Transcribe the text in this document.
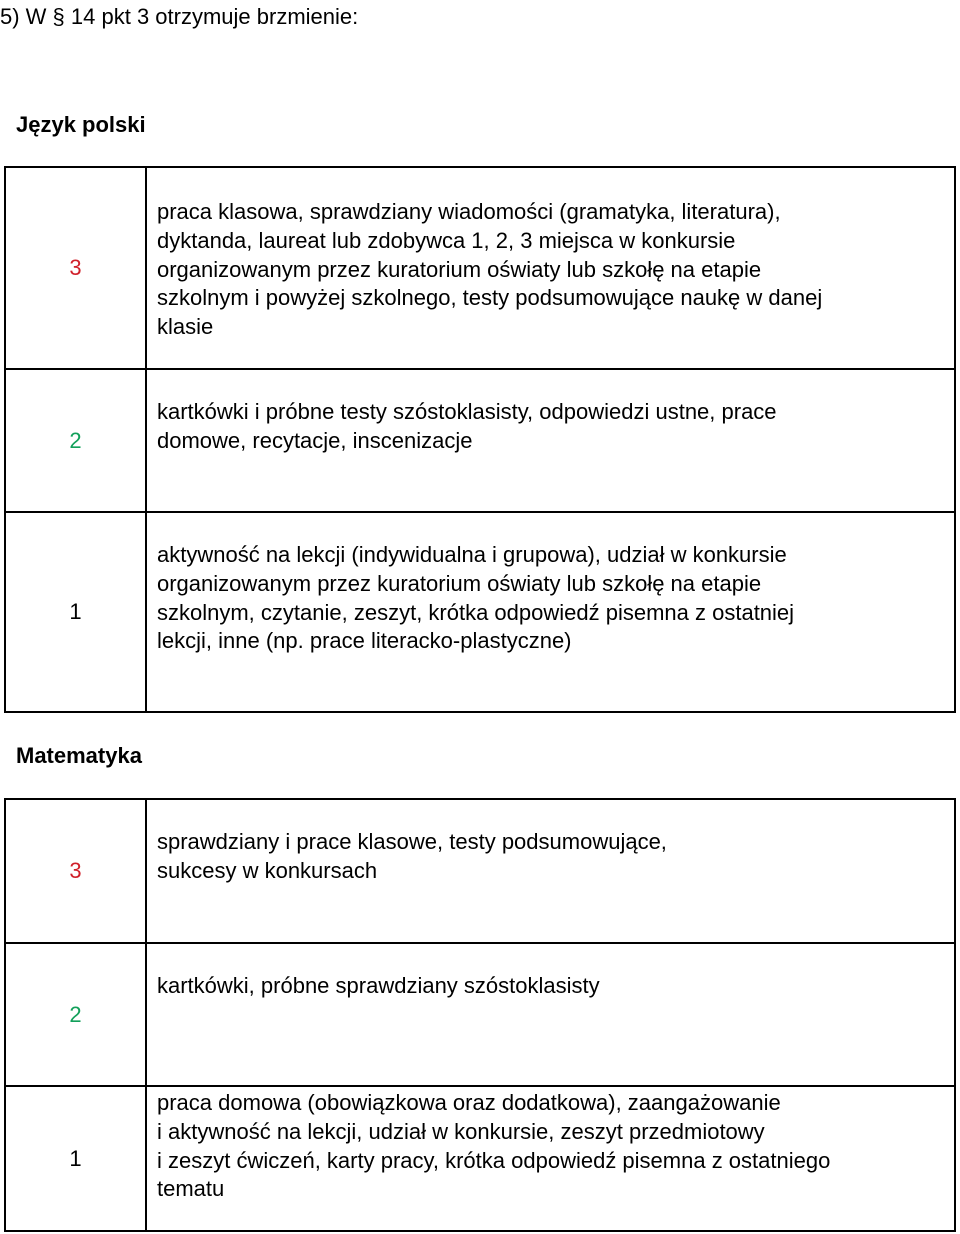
5) W § 14 pkt 3 otrzymuje brzmienie:
Język polski
3
praca klasowa, sprawdziany wiadomości (gramatyka, literatura),
dyktanda, laureat lub zdobywca 1, 2, 3 miejsca w konkursie
organizowanym przez kuratorium oświaty lub szkołę na etapie
szkolnym i powyżej szkolnego, testy podsumowujące naukę w danej
klasie
2
kartkówki i próbne testy szóstoklasisty, odpowiedzi ustne, prace
domowe, recytacje, inscenizacje
1
aktywność na lekcji (indywidualna i grupowa), udział w konkursie
organizowanym przez kuratorium oświaty lub szkołę na etapie
szkolnym, czytanie, zeszyt, krótka odpowiedź pisemna z ostatniej
lekcji, inne (np. prace literacko-plastyczne)
Matematyka
3
sprawdziany i prace klasowe, testy podsumowujące,
sukcesy w konkursach
2
kartkówki, próbne sprawdziany szóstoklasisty
1
praca domowa (obowiązkowa oraz dodatkowa), zaangażowanie
i aktywność na lekcji, udział w konkursie, zeszyt przedmiotowy
i zeszyt ćwiczeń, karty pracy, krótka odpowiedź pisemna z ostatniego
tematu
